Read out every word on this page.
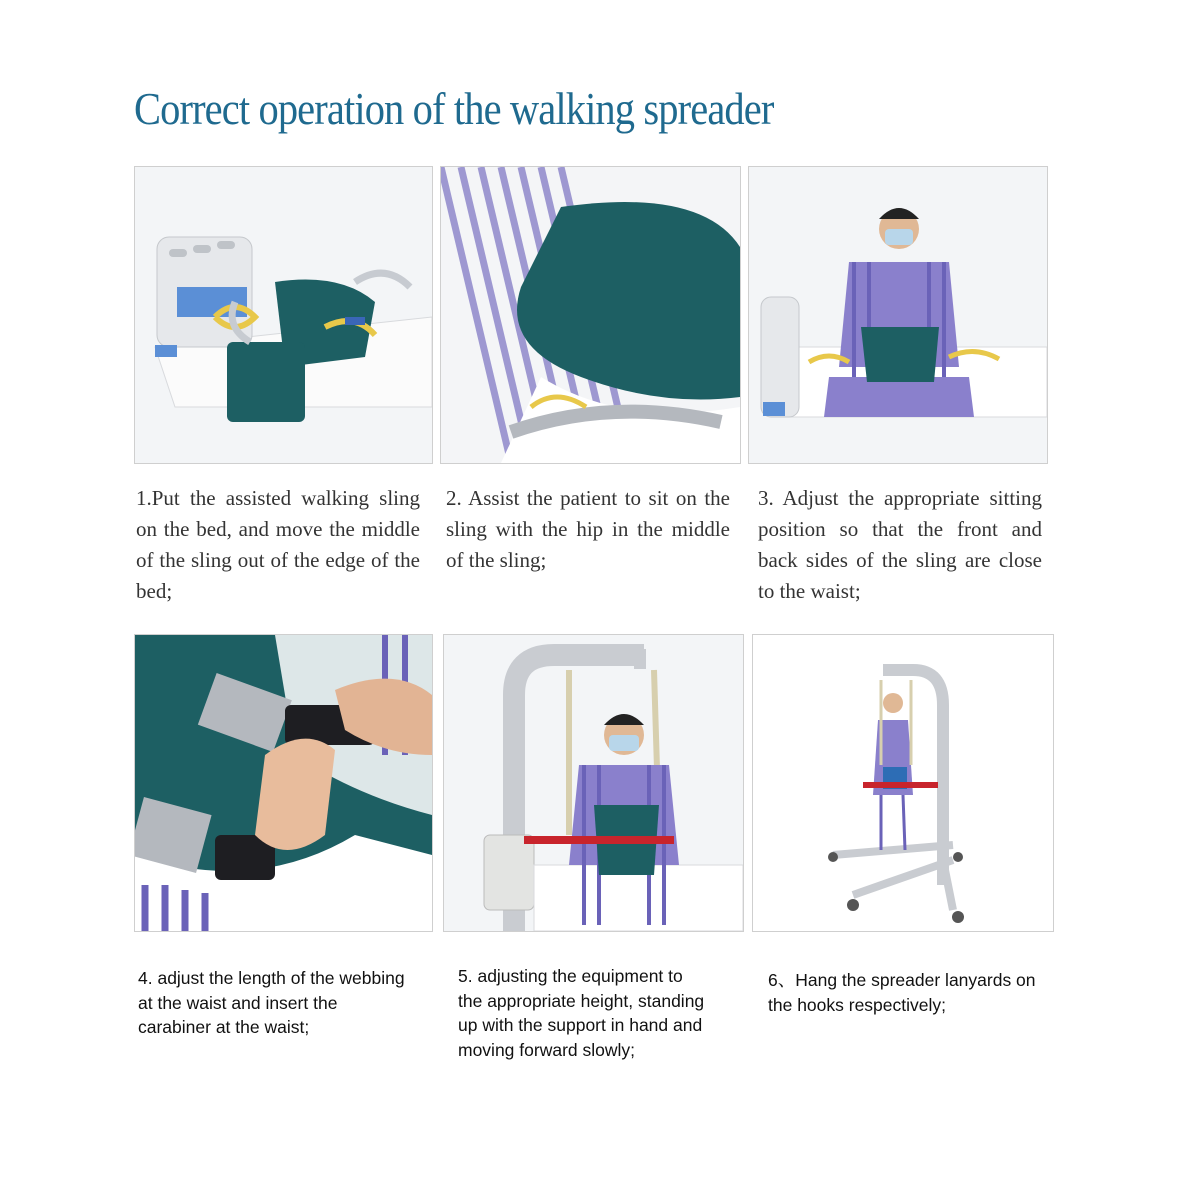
Correct operation of the walking spreader
1.Put the assisted walking sling on the bed, and move the middle of the sling out of the edge of the bed;
2. Assist the patient to sit on the sling with the hip in the middle of the sling;
3. Adjust the appropriate sitting position so that the front and back sides of the sling are close to the waist;
4. adjust the length of the webbing
at the waist and insert the
carabiner at the waist;
5. adjusting the equipment to
the appropriate height, standing
up with the support in hand and
moving forward slowly;
6、Hang the spreader lanyards on
the hooks respectively;
